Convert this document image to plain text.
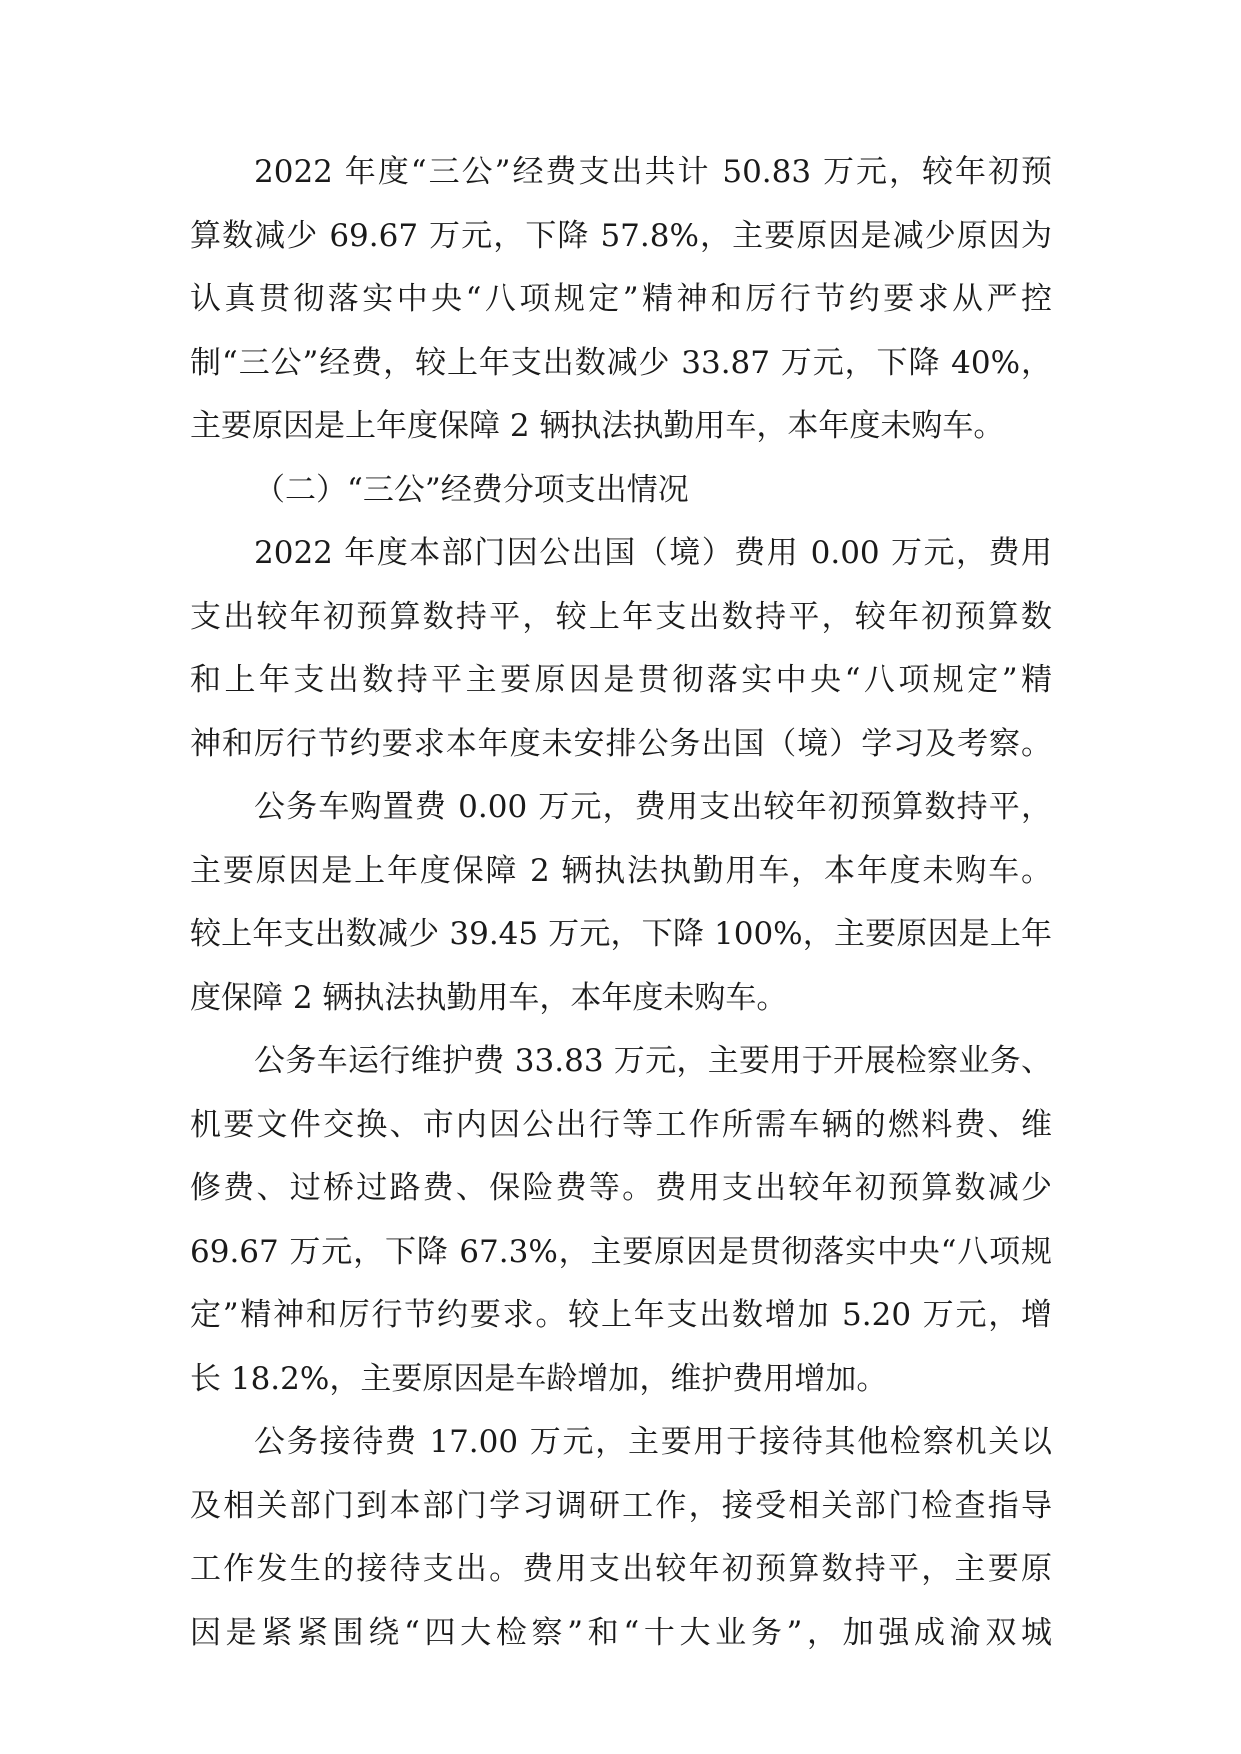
2022 年度“三公”经费支出共计 50.83 万元，较年初预
算数减少 69.67 万元，下降 57.8%，主要原因是减少原因为
认真贯彻落实中央“八项规定”精神和厉行节约要求从严控
制“三公”经费，较上年支出数减少 33.87 万元，下降 40%，
主要原因是上年度保障 2 辆执法执勤用车，本年度未购车。
（二）“三公”经费分项支出情况
2022 年度本部门因公出国（境）费用 0.00 万元，费用
支出较年初预算数持平，较上年支出数持平，较年初预算数
和上年支出数持平主要原因是贯彻落实中央“八项规定”精
神和厉行节约要求本年度未安排公务出国（境）学习及考察。
公务车购置费 0.00 万元，费用支出较年初预算数持平，
主要原因是上年度保障 2 辆执法执勤用车，本年度未购车。
较上年支出数减少 39.45 万元，下降 100%，主要原因是上年
度保障 2 辆执法执勤用车，本年度未购车。
公务车运行维护费 33.83 万元，主要用于开展检察业务、
机要文件交换、市内因公出行等工作所需车辆的燃料费、维
修费、过桥过路费、保险费等。费用支出较年初预算数减少
69.67 万元，下降 67.3%，主要原因是贯彻落实中央“八项规
定”精神和厉行节约要求。较上年支出数增加 5.20 万元，增
长 18.2%，主要原因是车龄增加，维护费用增加。
公务接待费 17.00 万元，主要用于接待其他检察机关以
及相关部门到本部门学习调研工作，接受相关部门检查指导
工作发生的接待支出。费用支出较年初预算数持平，主要原
因是紧紧围绕“四大检察”和“十大业务”，加强成渝双城
